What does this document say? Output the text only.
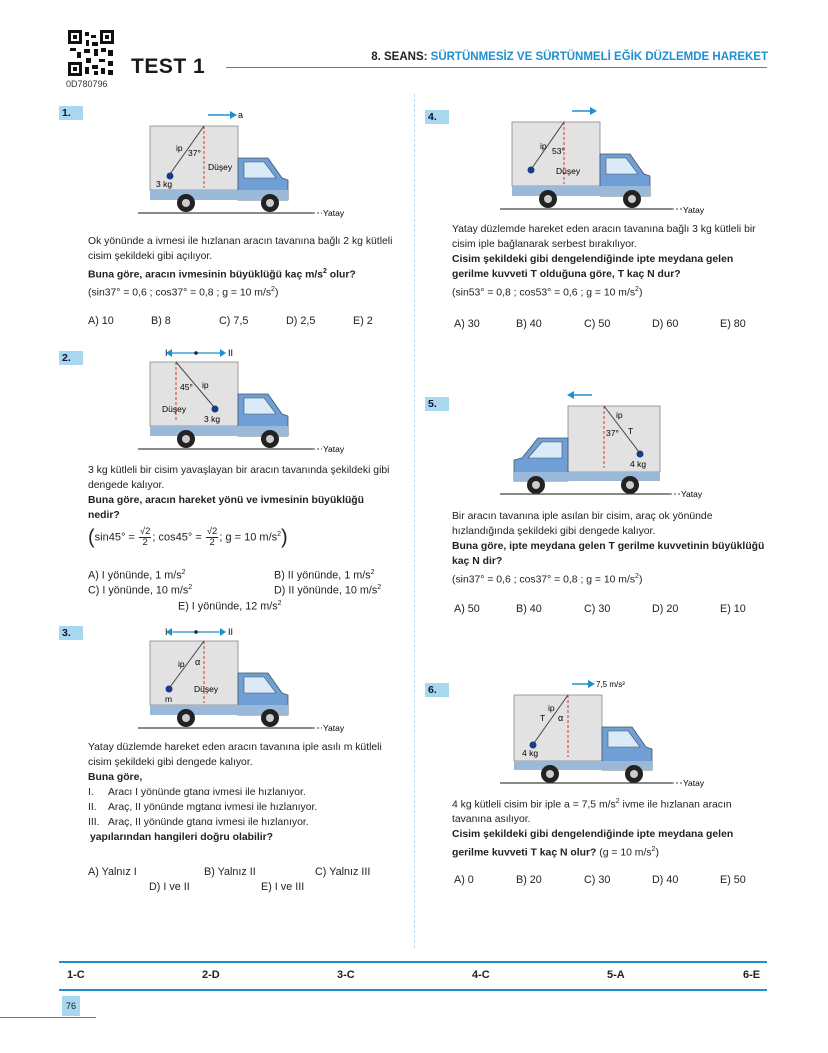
0D780796
TEST 1	8. SEANS: SÜRTÜNMESİZ VE SÜRTÜNMELİ EĞİK DÜZLEMDE HAREKET
1.	a
Yatay
ip 37°
Düşey
3 kg

Ok yönünde a ivmesi ile hızlanan aracın tavanına bağlı 2 kg kütleli cisim şekildeki gibi açılıyor.

Buna göre, aracın ivmesinin büyüklüğü kaç $m/s^2$ olur?

(sin37° = 0,6 ; cos37° = 0,8 ; g = 10 $m/s^2$)

A) 10	B) 8	C) 7,5	D) 2,5	E) 2
2.	II
Yatay
45° ip
Düşey
3 kg

3 kg kütleli bir cisim yavaşlayan bir aracın tavanında şekildeki gibi dengede kalıyor.

Buna göre, aracın hareket yönü ve ivmesinin büyüklüğü nedir?

($\sin 45^\circ = \frac{√2}{2}$ ; $\cos 45^\circ = \frac{√2}{2}$ ; g = 10 $m/s^2$)

A) I yönünde, 1 $m/s^2$	B) II yönünde, 1 $m/s^2$
C) I yönünde, 10 $m/s^2$	D) II yönünde, 10 $m/s^2$
E) I yönünde, 12 $m/s^2$
3.	II
Yatay
ip α
Düşey
m

Yatay düzlemde hareket eden aracın tavanına iple asılı m kütleli cisim şekildeki gibi dengede kalıyor.

Buna göre,

I. Aracı I yönünde gtanα ivmesi ile hızlanıyor.

II. Araç, II yönünde mgtanα ivmesi ile hızlanıyor.

III. Araç, II yönünde gtanα ivmesi ile hızlanıyor.

yapılarından hangileri doğru olabilir?

A) Yalnız I	B) Yalnız II	C) Yalnız III
D) I ve II	E) I ve III
4.
Yatay
ip 53°
Düşey

Yatay düzlemde hareket eden aracın tavanına bağlı 3 kg kütleli bir cisim iple bağlanarak serbest bırakılıyor.

Cisim şekildeki gibi dengelendiğinde ipte meydana gelen gerilme kuvveti T olduğuna göre, T kaç N dur?

(sin53° = 0,8 ; cos53° = 0,6 ; g = 10 $m/s^2$)

A) 30	B) 40	C) 50	D) 60	E) 80
5.
Yatay
ip
37° T
4 kg

Bir aracın tavanına iple asılan bir cisim, araç ok yönünde hızlandığında şekildeki gibi dengede kalıyor.

Buna göre, ipte meydana gelen T gerilme kuvvetinin büyüklüğü kaç N dir?

(sin37° = 0,6 ; cos37° = 0,8 ; g = 10 $m/s^2$)

A) 50	B) 40	C) 30	D) 20	E) 10
6.	7,5 m/s²
Yatay
ip
T α
4 kg

4 kg kütleli cisim bir iple a = 7,5 $m/s^2$ ivme ile hızlanan aracın tavanına asılıyor.

Cisim şekildeki gibi dengelendiğinde ipte meydana gelen gerilme kuvveti T kaç N olur? (g = 10 $m/s^2$)

A) 0	B) 20	C) 30	D) 40	E) 50
1-C	2-D	3-C	4-C	5-A	6-E
76
